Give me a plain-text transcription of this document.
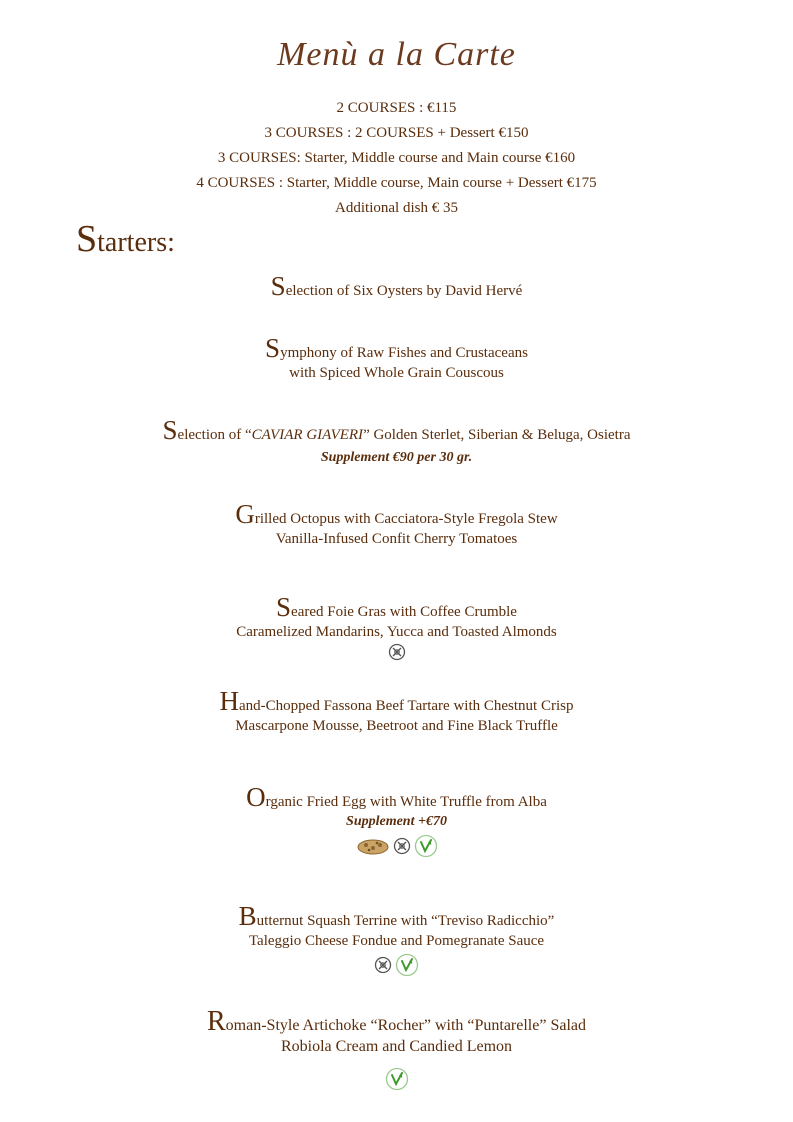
Menù a la Carte
2 COURSES : €115
3 COURSES : 2 COURSES + Dessert €150
3 COURSES: Starter, Middle course and Main course €160
4 COURSES : Starter, Middle course, Main course + Dessert €175
Additional dish € 35
Starters:
Selection of Six Oysters by David Hervé
Symphony of Raw Fishes and Crustaceans
with Spiced Whole Grain Couscous
Selection of “CAVIAR GIAVERI” Golden Sterlet, Siberian & Beluga, Osietra
Supplement €90 per 30 gr.
Grilled Octopus with Cacciatora-Style Fregola Stew
Vanilla-Infused Confit Cherry Tomatoes
Seared Foie Gras with Coffee Crumble
Caramelized Mandarins, Yucca and Toasted Almonds
Hand-Chopped Fassona Beef Tartare with Chestnut Crisp
Mascarpone Mousse, Beetroot and Fine Black Truffle
Organic Fried Egg with White Truffle from Alba
Supplement +€70
Butternut Squash Terrine with “Treviso Radicchio”
Taleggio Cheese Fondue and Pomegranate Sauce
Roman-Style Artichoke “Rocher” with “Puntarelle” Salad
Robiola Cream and Candied Lemon
